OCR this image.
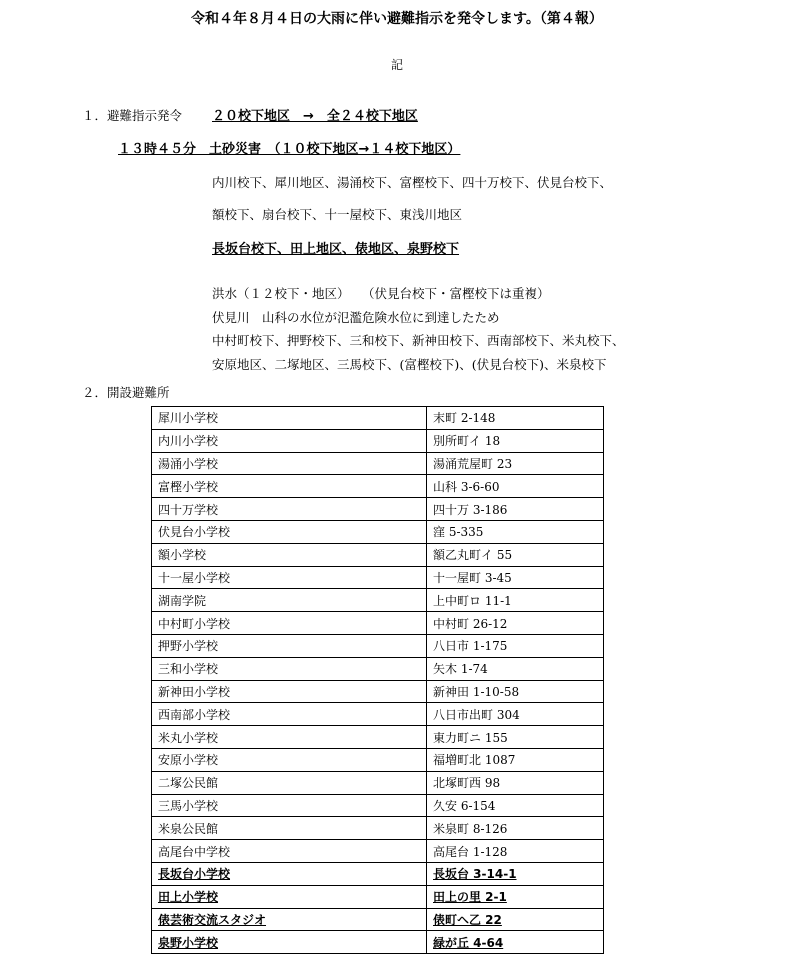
令和４年８月４日の大雨に伴い避難指示を発令します。（第４報）
記
１．避難指示発令 ２０校下地区　→　全２４校下地区
１３時４５分　土砂災害　（１０校下地区→１４校下地区）
内川校下、犀川地区、湯涌校下、富樫校下、四十万校下、伏見台校下、
額校下、扇台校下、十一屋校下、東浅川地区
長坂台校下、田上地区、俵地区、泉野校下
洪水（１２校下・地区）　　（伏見台校下・富樫校下は重複）
伏見川　山科の水位が氾濫危険水位に到達したため
中村町校下、押野校下、三和校下、新神田校下、西南部校下、米丸校下、
安原地区、二塚地区、三馬校下、(富樫校下)、(伏見台校下)、米泉校下
２．開設避難所
犀川小学校	末町 2-148
内川小学校	別所町イ 18
湯涌小学校	湯涌荒屋町 23
富樫小学校	山科 3-6-60
四十万学校	四十万 3-186
伏見台小学校	窪 5-335
額小学校	額乙丸町イ 55
十一屋小学校	十一屋町 3-45
湖南学院	上中町ロ 11-1
中村町小学校	中村町 26-12
押野小学校	八日市 1-175
三和小学校	矢木 1-74
新神田小学校	新神田 1-10-58
西南部小学校	八日市出町 304
米丸小学校	東力町ニ 155
安原小学校	福増町北 1087
二塚公民館	北塚町西 98
三馬小学校	久安 6-154
米泉公民館	米泉町 8-126
高尾台中学校	高尾台 1-128
長坂台小学校	長坂台 3-14-1
田上小学校	田上の里 2-1
俵芸術交流スタジオ	俵町ヘ乙 22
泉野小学校	緑が丘 4-64
